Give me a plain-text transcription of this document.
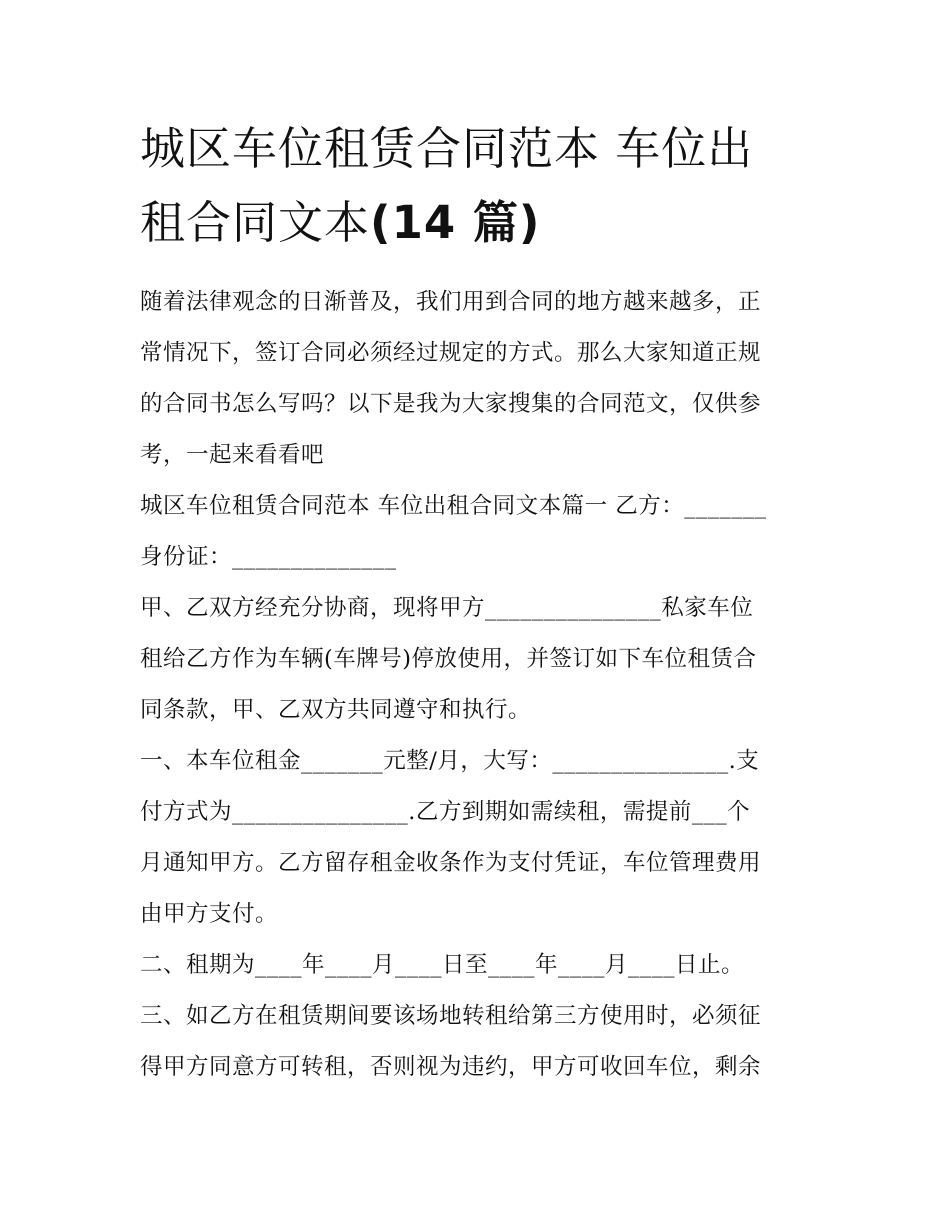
城区车位租赁合同范本 车位出
租合同文本(14 篇)

随着法律观念的日渐普及，我们用到合同的地方越来越多，正
常情况下，签订合同必须经过规定的方式。那么大家知道正规
的合同书怎么写吗？以下是我为大家搜集的合同范文，仅供参
考，一起来看看吧

城区车位租赁合同范本 车位出租合同文本篇一 乙方：_______
身份证：______________

甲、乙双方经充分协商，现将甲方_______________私家车位
租给乙方作为车辆(车牌号)停放使用，并签订如下车位租赁合
同条款，甲、乙双方共同遵守和执行。

一、本车位租金_______元整/月，大写：_______________.支
付方式为_______________.乙方到期如需续租，需提前___个
月通知甲方。乙方留存租金收条作为支付凭证，车位管理费用
由甲方支付。

二、租期为____年____月____日至____年____月____日止。

三、如乙方在租赁期间要该场地转租给第三方使用时，必须征
得甲方同意方可转租，否则视为违约，甲方可收回车位，剩余
